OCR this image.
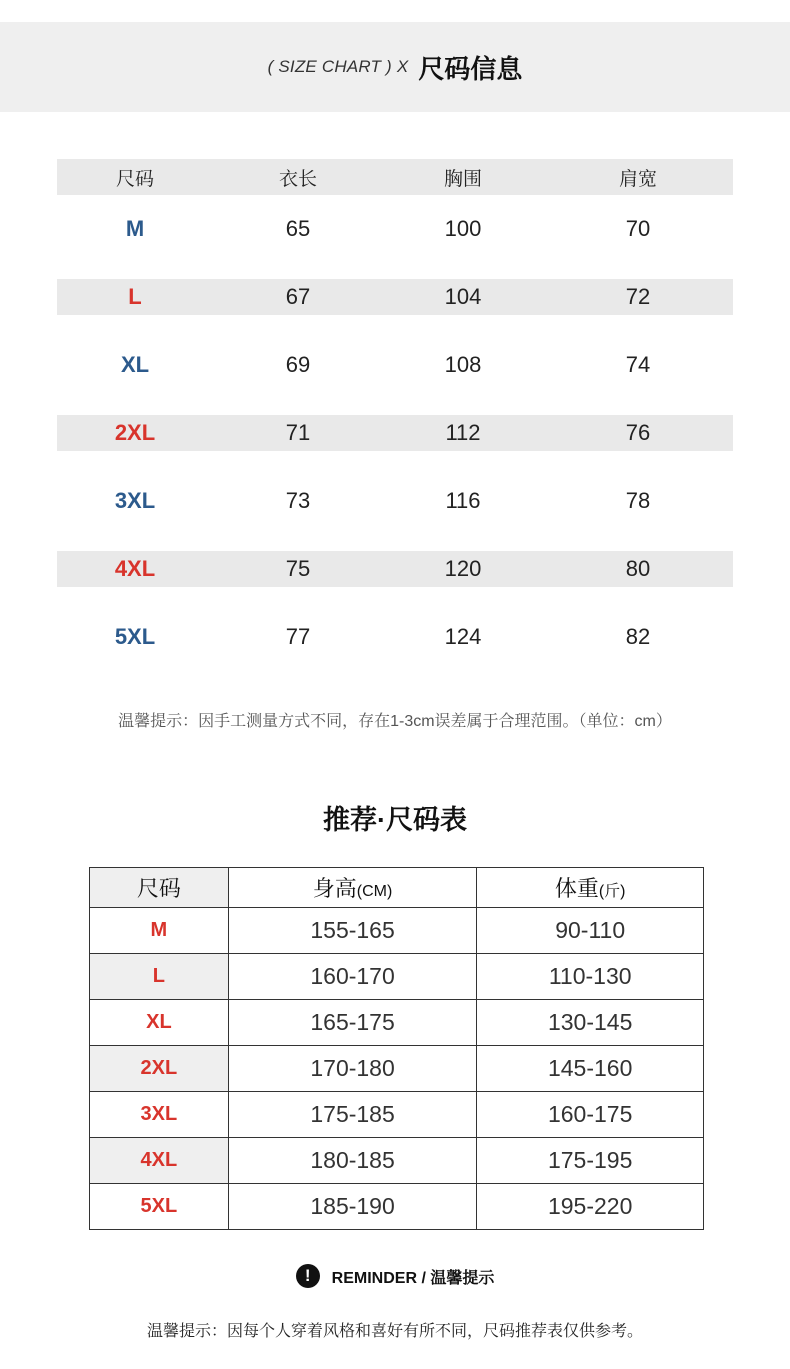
( SIZE CHART ) X 尺码信息
尺码	衣长	胸围	肩宽
M	65	100	70
L	67	104	72
XL	69	108	74
2XL	71	112	76
3XL	73	116	78
4XL	75	120	80
5XL	77	124	82
温馨提示：因手工测量方式不同，存在1-3cm误差属于合理范围。（单位：cm）
推荐·尺码表
尺码	身高(CM)	体重(斤)
M	155-165	90-110
L	160-170	110-130
XL	165-175	130-145
2XL	170-180	145-160
3XL	175-185	160-175
4XL	180-185	175-195
5XL	185-190	195-220
!	REMINDER / 温馨提示
温馨提示：因每个人穿着风格和喜好有所不同，尺码推荐表仅供参考。
